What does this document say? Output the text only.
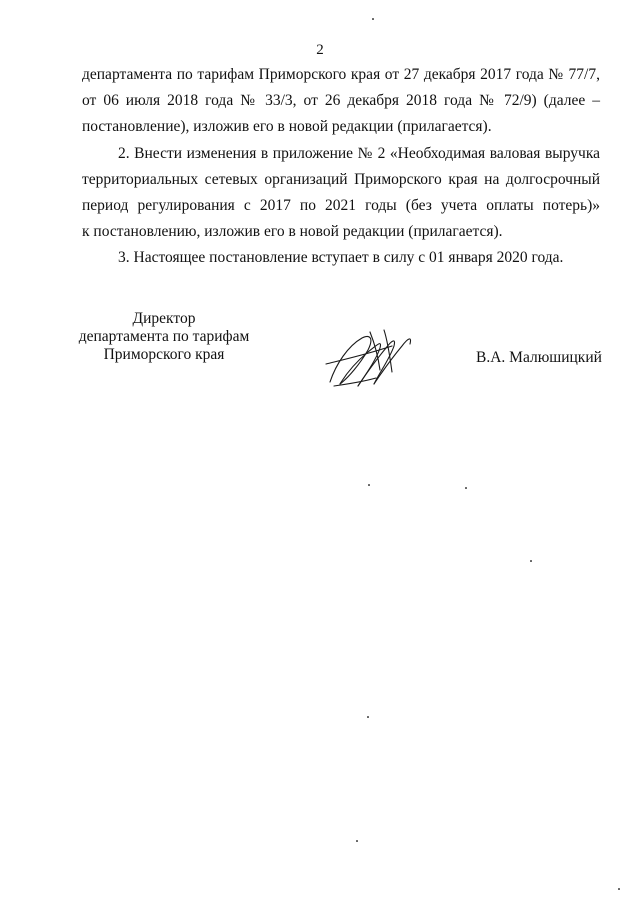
2
департамента по тарифам Приморского края от 27 декабря 2017 года № 77/7,
от 06 июля 2018 года № 33/3, от 26 декабря 2018 года № 72/9) (далее –
постановление), изложив его в новой редакции (прилагается).
2. Внести изменения в приложение № 2 «Необходимая валовая выручка
территориальных сетевых организаций Приморского края на долгосрочный
период регулирования с 2017 по 2021 годы (без учета оплаты потерь)»
к постановлению, изложив его в новой редакции (прилагается).
3. Настоящее постановление вступает в силу с 01 января 2020 года.
Директор
департамента по тарифам
Приморского края	В.А. Малюшицкий
